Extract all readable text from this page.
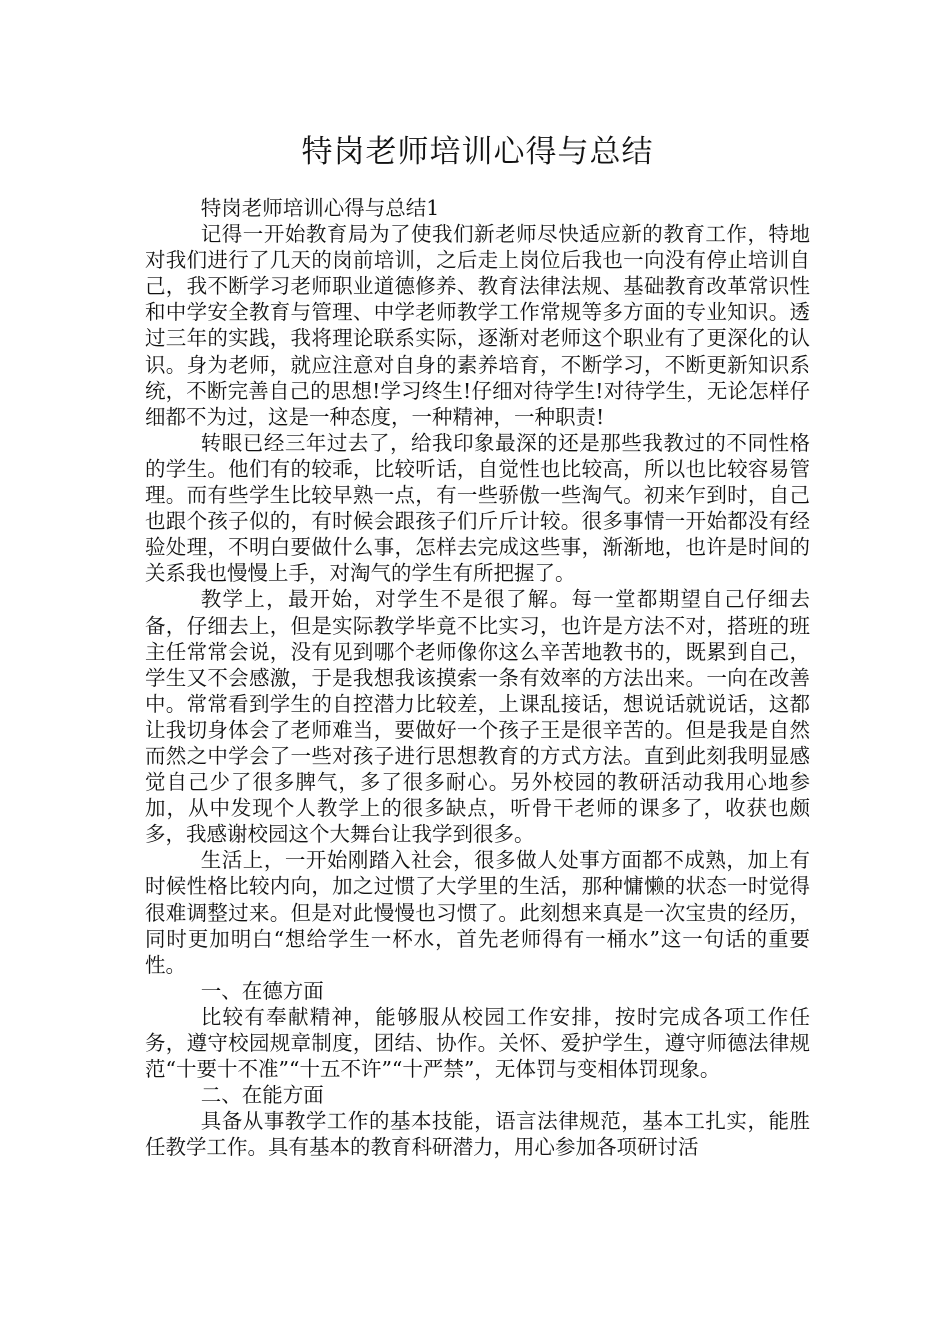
特岗老师培训心得与总结

特岗老师培训心得与总结1

记得一开始教育局为了使我们新老师尽快适应新的教育工作，特地对我们进行了几天的岗前培训，之后走上岗位后我也一向没有停止培训自己，我不断学习老师职业道德修养、教育法律法规、基础教育改革常识性和中学安全教育与管理、中学老师教学工作常规等多方面的专业知识。透过三年的实践，我将理论联系实际，逐渐对老师这个职业有了更深化的认识。身为老师，就应注意对自身的素养培育，不断学习，不断更新知识系统，不断完善自己的思想!学习终生!仔细对待学生!对待学生，无论怎样仔细都不为过，这是一种态度，一种精神，一种职责!

转眼已经三年过去了，给我印象最深的还是那些我教过的不同性格的学生。他们有的较乖，比较听话，自觉性也比较高，所以也比较容易管理。而有些学生比较早熟一点，有一些骄傲一些淘气。初来乍到时，自己也跟个孩子似的，有时候会跟孩子们斤斤计较。很多事情一开始都没有经验处理，不明白要做什么事，怎样去完成这些事，渐渐地，也许是时间的关系我也慢慢上手，对淘气的学生有所把握了。

教学上，最开始，对学生不是很了解。每一堂都期望自己仔细去备，仔细去上，但是实际教学毕竟不比实习，也许是方法不对，搭班的班主任常常会说，没有见到哪个老师像你这么辛苦地教书的，既累到自己，学生又不会感激，于是我想我该摸索一条有效率的方法出来。一向在改善中。常常看到学生的自控潜力比较差，上课乱接话，想说话就说话，这都让我切身体会了老师难当，要做好一个孩子王是很辛苦的。但是我是自然而然之中学会了一些对孩子进行思想教育的方式方法。直到此刻我明显感觉自己少了很多脾气，多了很多耐心。另外校园的教研活动我用心地参加，从中发现个人教学上的很多缺点，听骨干老师的课多了，收获也颇多，我感谢校园这个大舞台让我学到很多。

生活上，一开始刚踏入社会，很多做人处事方面都不成熟，加上有时候性格比较内向，加之过惯了大学里的生活，那种慵懒的状态一时觉得很难调整过来。但是对此慢慢也习惯了。此刻想来真是一次宝贵的经历，同时更加明白“想给学生一杯水，首先老师得有一桶水”这一句话的重要性。

一、在德方面

比较有奉献精神，能够服从校园工作安排，按时完成各项工作任务，遵守校园规章制度，团结、协作。关怀、爱护学生，遵守师德法律规范“十要十不准”“十五不许”“十严禁”，无体罚与变相体罚现象。

二、在能方面

具备从事教学工作的基本技能，语言法律规范，基本工扎实，能胜任教学工作。具有基本的教育科研潜力，用心参加各项研讨活
